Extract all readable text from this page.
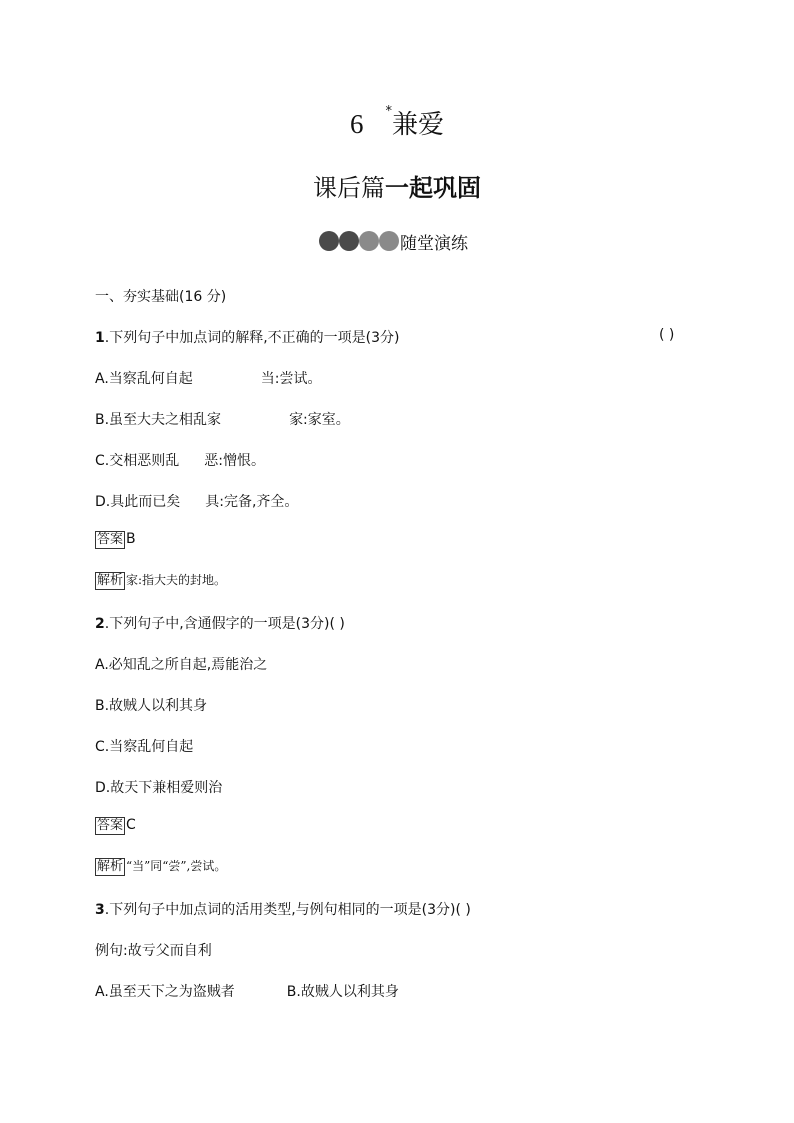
6 *兼爱
课后篇一起巩固
随堂演练
一、夯实基础(16 分)
1.下列句子中加点词的解释,不正确的一项是(3分)	( )
A.当察乱何自起	当:尝试。
B.虽至大夫之相乱家	家:家室。
C.交相恶则乱 恶:憎恨。
D.具此而已矣 具:完备,齐全。
答案 B
解析 家:指大夫的封地。
2.下列句子中,含通假字的一项是(3分)( )
A.必知乱之所自起,焉能治之
B.故贼人以利其身
C.当察乱何自起
D.故天下兼相爱则治
答案 C
解析 “当”同“尝”,尝试。
3.下列句子中加点词的活用类型,与例句相同的一项是(3分)( )
例句:故亏父而自利
A.虽至天下之为盗贼者	B.故贼人以利其身
